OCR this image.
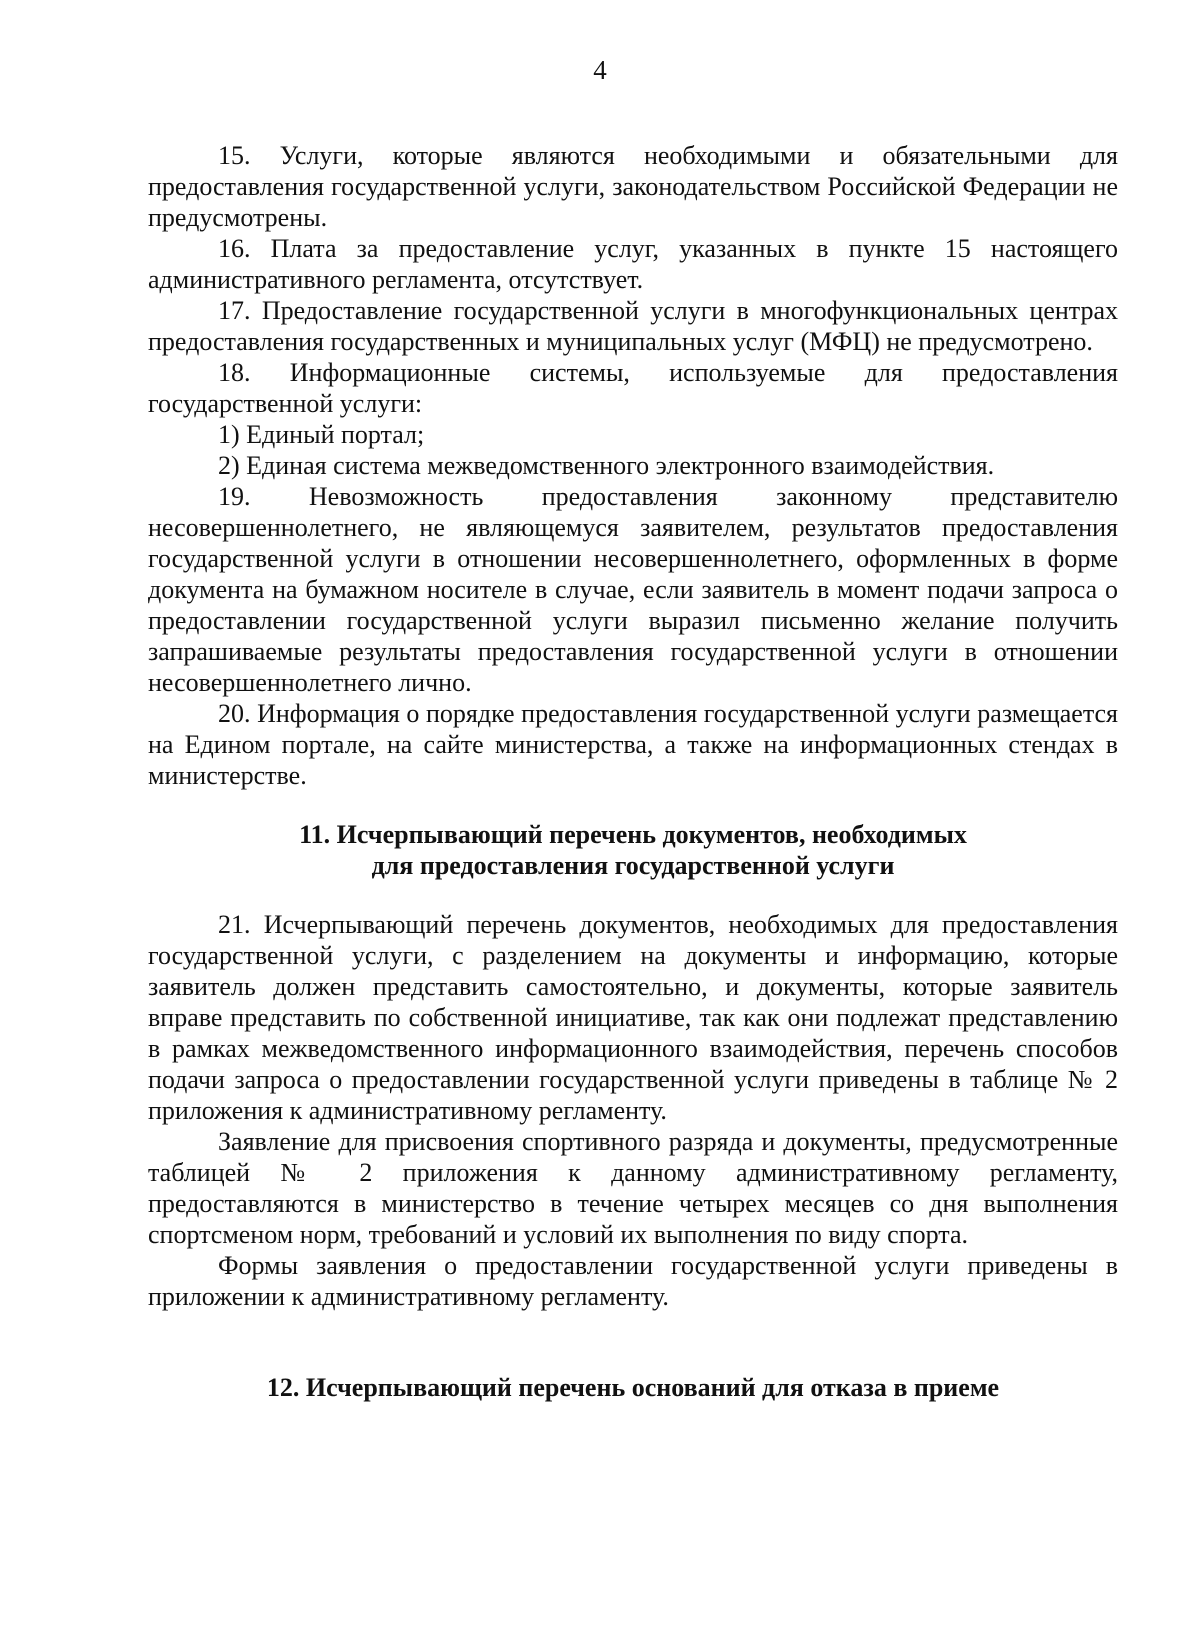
4

15. Услуги, которые являются необходимыми и обязательными для предоставления государственной услуги, законодательством Российской Федерации не предусмотрены.

16. Плата за предоставление услуг, указанных в пункте 15 настоящего административного регламента, отсутствует.

17. Предоставление государственной услуги в многофункциональных центрах предоставления государственных и муниципальных услуг (МФЦ) не предусмотрено.

18. Информационные системы, используемые для предоставления государственной услуги:

1) Единый портал;

2) Единая система межведомственного электронного взаимодействия.

19. Невозможность предоставления законному представителю несовершеннолетнего, не являющемуся заявителем, результатов предоставления государственной услуги в отношении несовершеннолетнего, оформленных в форме документа на бумажном носителе в случае, если заявитель в момент подачи запроса о предоставлении государственной услуги выразил письменно желание получить запрашиваемые результаты предоставления государственной услуги в отношении несовершеннолетнего лично.

20. Информация о порядке предоставления государственной услуги размещается на Едином портале, на сайте министерства, а также на информационных стендах в министерстве.

11. Исчерпывающий перечень документов, необходимых
для предоставления государственной услуги

21. Исчерпывающий перечень документов, необходимых для предоставления государственной услуги, с разделением на документы и информацию, которые заявитель должен представить самостоятельно, и документы, которые заявитель вправе представить по собственной инициативе, так как они подлежат представлению в рамках межведомственного информационного взаимодействия, перечень способов подачи запроса о предоставлении государственной услуги приведены в таблице № 2 приложения к административному регламенту.

Заявление для присвоения спортивного разряда и документы, предусмотренные таблицей № 2 приложения к данному административному регламенту, предоставляются в министерство в течение четырех месяцев со дня выполнения спортсменом норм, требований и условий их выполнения по виду спорта.

Формы заявления о предоставлении государственной услуги приведены в приложении к административному регламенту.

12. Исчерпывающий перечень оснований для отказа в приеме
